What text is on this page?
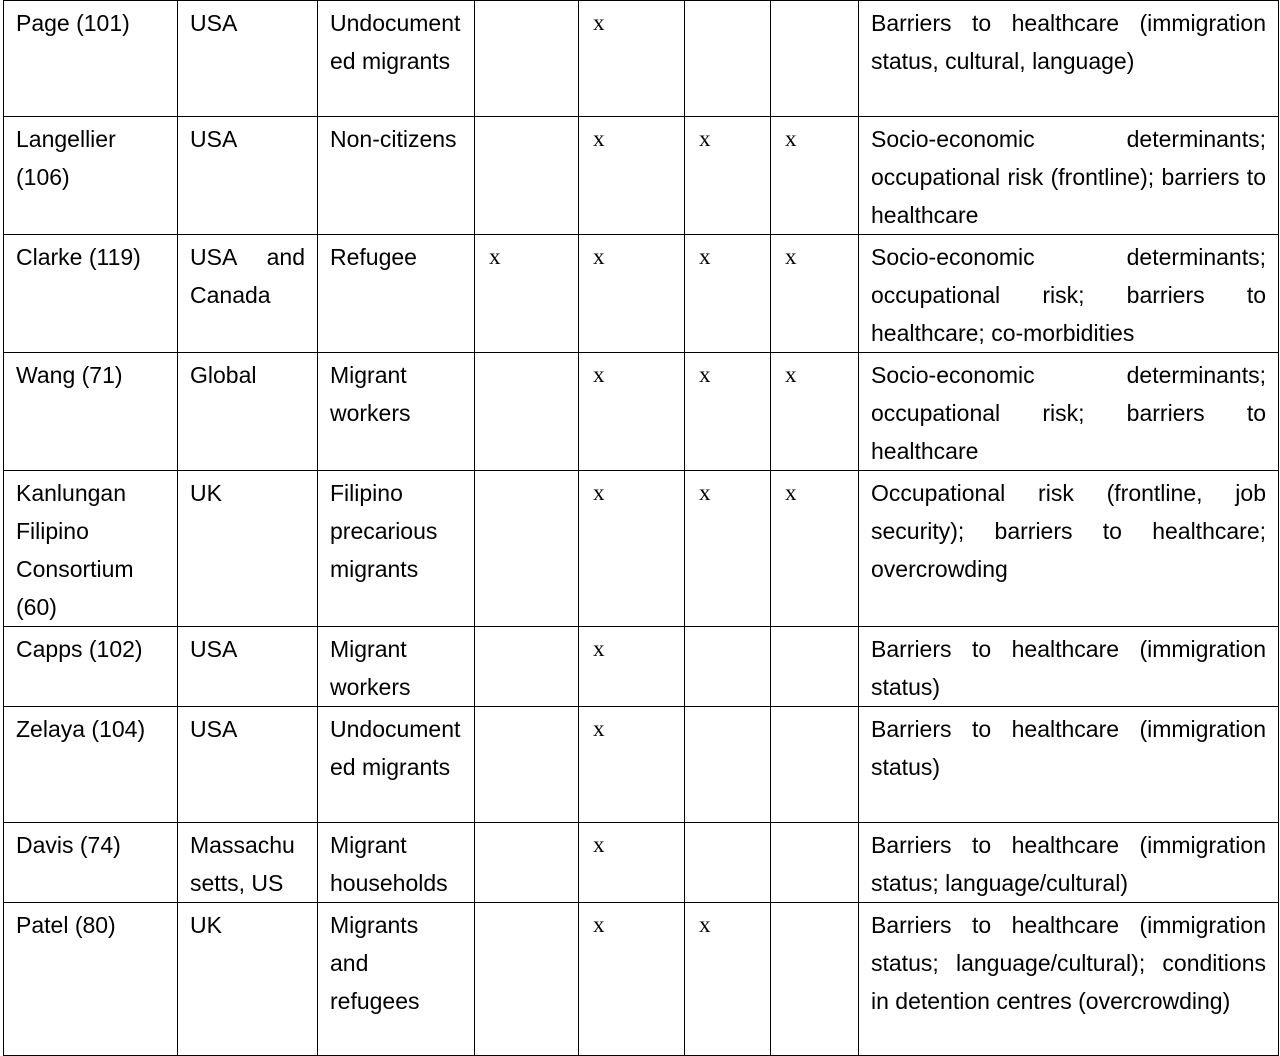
Page (101)	USA	Undocumented migrants		x			Barriers to healthcare (immigration status, cultural, language)
Langellier (106)	USA	Non-citizens		x	x	x	Socio-economic determinants; occupational risk (frontline); barriers to healthcare
Clarke (119)	USA and Canada	Refugee	x	x	x	x	Socio-economic determinants; occupational risk; barriers to healthcare; co-morbidities
Wang (71)	Global	Migrant workers		x	x	x	Socio-economic determinants; occupational risk; barriers to healthcare
Kanlungan Filipino Consortium (60)	UK	Filipino precarious migrants		x	x	x	Occupational risk (frontline, job security); barriers to healthcare; overcrowding
Capps (102)	USA	Migrant workers		x			Barriers to healthcare (immigration status)
Zelaya (104)	USA	Undocumented migrants		x			Barriers to healthcare (immigration status)
Davis (74)	Massachusetts, US	Migrant households		x			Barriers to healthcare (immigration status; language/cultural)
Patel (80)	UK	Migrants and refugees		x	x		Barriers to healthcare (immigration status; language/cultural); conditions in detention centres (overcrowding)
